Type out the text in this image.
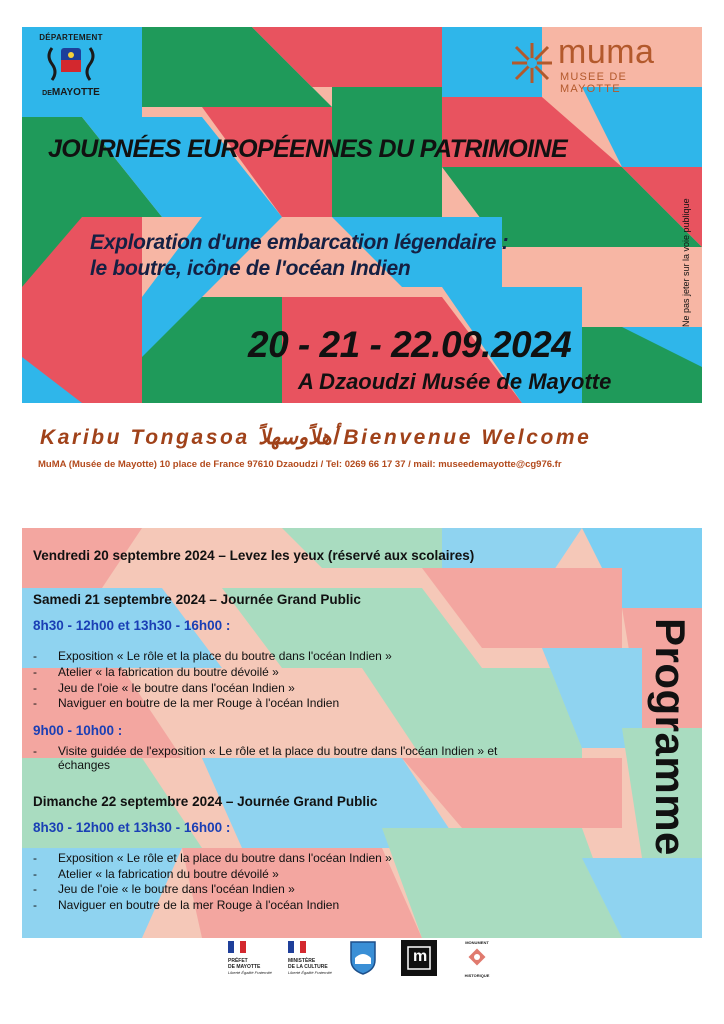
DÉPARTEMENT
DEMAYOTTE
muma
MUSEE DE MAYOTTE
JOURNÉES EUROPÉENNES DU PATRIMOINE
Exploration d'une embarcation légendaire :
le boutre, icône de l'océan Indien
20 - 21 - 22.09.2024
A Dzaoudzi Musée de Mayotte
Ne pas jeter sur la voie publique
Karibu Tongasoa أهلاًوسهلاً Bienvenue Welcome
MuMA (Musée de Mayotte) 10 place de France 97610 Dzaoudzi / Tel: 0269 66 17 37 / mail: museedemayotte@cg976.fr
Vendredi 20 septembre 2024 – Levez les yeux (réservé aux scolaires)
Samedi 21 septembre 2024 – Journée Grand Public
8h30 - 12h00 et 13h30 - 16h00 :
- Exposition « Le rôle et la place du boutre dans l'océan Indien »
- Atelier « la fabrication du boutre dévoilé »
- Jeu de l'oie « le boutre dans l'océan Indien »
- Naviguer en boutre de la mer Rouge à l'océan Indien
9h00 - 10h00 :
- Visite guidée de l'exposition « Le rôle et la place du boutre dans l'océan Indien » et
échanges
Dimanche 22 septembre 2024 – Journée Grand Public
8h30 - 12h00 et 13h30 - 16h00 :
- Exposition « Le rôle et la place du boutre dans l'océan Indien »
- Atelier « la fabrication du boutre dévoilé »
- Jeu de l'oie « le boutre dans l'océan Indien »
- Naviguer en boutre de la mer Rouge à l'océan Indien
Programme
PRÉFET
DE MAYOTTE
Liberté Égalité Fraternité
MINISTÈRE
DE LA CULTURE
Liberté Égalité Fraternité
m
MONUMENT
HISTORIQUE
